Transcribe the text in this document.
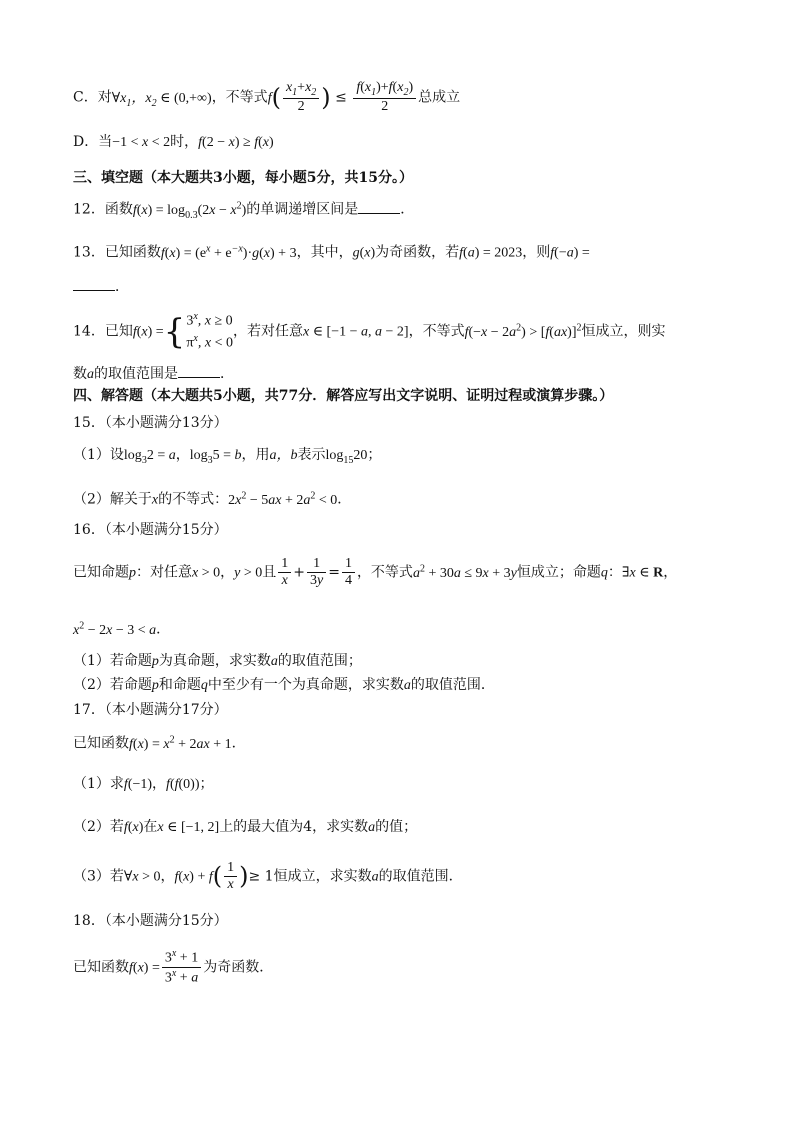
C．对$\forall x_1$，$x_2$ ∈ (0,+∞)，不等式$f( \frac{x_1+x_2}{2}$ ) ≤ $\frac{f(x_1)+f(x_2)}{2}$ 总成立
D．当−1 < x < 2时，f(2 − x) ≥ f(x)
三、填空题（本大题共3小题，每小题5分，共15分。）
12．函数$f(x) = \log_{0.3}(2x - x^2)$的单调递增区间是	．
13．已知函数$f(x) = (e^x + e^{-x})\cdot g(x) + 3$，其中，g(x)为奇函数，若f(a) = 2023，则f(−a) =
．
14．已知f(x) ={ 3$^x$, x ≥ 0
$\pi^x$, x < 0
，若对任意x ∈ [−1 − a, a − 2]，不等式$f(-x - 2a^2) > [f(ax)]^2$恒成立，则实
数a的取值范围是	．
四、解答题（本大题共5小题，共77分．解答应写出文字说明、证明过程或演算步骤。）
15．（本小题满分13分）
（1）设$\log_32 = a$，$\log_35 = b$，用a，b表示$\log_{15}20$；
（2）解关于x的不等式：$2x^2 - 5ax + 2a^2 < 0$．
16．（本小题满分15分）
已知命题p：对任意x > 0，y > 0且 $\frac{1}{x} + \frac{1}{3y} = \frac{1}{4}$ ，不等式$a^2 + 30a \le 9x + 3y$恒成立；命题q：∃x ∈ R，
$x^2 - 2x - 3 < a$．
（1）若命题p为真命题，求实数a的取值范围；
（2）若命题p和命题q中至少有一个为真命题，求实数a的取值范围．
17．（本小题满分17分）
已知函数$f(x) = x^2 + 2ax + 1$．
（1）求f(−1)，f(f(0))；
（2）若f(x)在x ∈ [−1, 2]上的最大值为4，求实数a的值；
（3）若∀x > 0，$f(x) + f( \frac{1}{x}$ )≥ 1恒成立，求实数a的取值范围．
18．（本小题满分15分）
已知函数$f(x) = \frac{3^x + 1}{3^x + a}$ 为奇函数．
